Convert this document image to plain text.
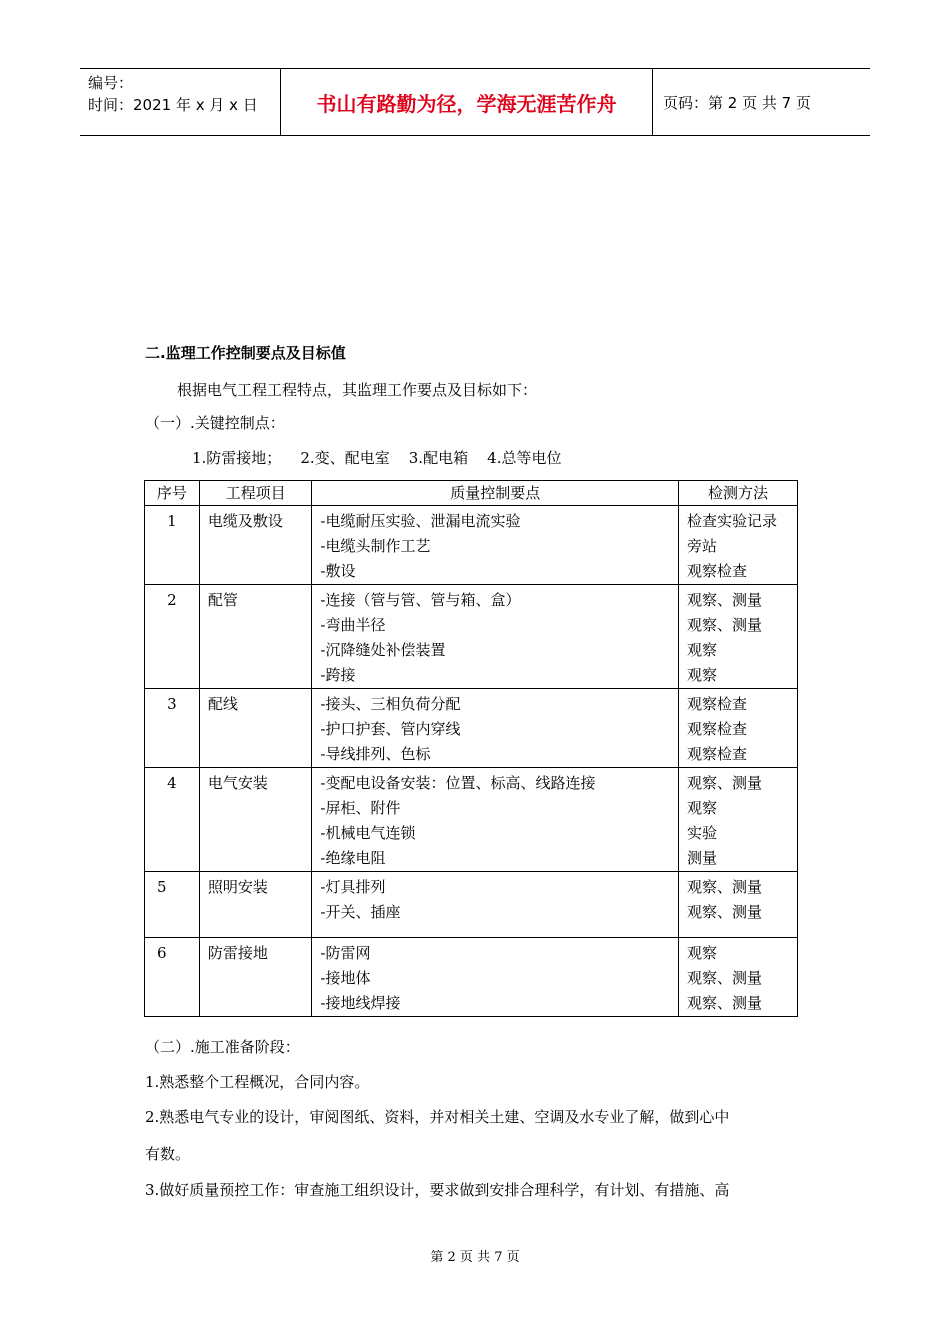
编号：
时间：2021 年 x 月 x 日	书山有路勤为径，学海无涯苦作舟	页码：第 2 页 共 7 页
二.监理工作控制要点及目标值
根据电气工程工程特点，其监理工作要点及目标如下：
（一）.关键控制点：
1.防雷接地；    2.变、配电室    3.配电箱    4.总等电位
序号	工程项目	质量控制要点	检测方法
1	电缆及敷设	-电缆耐压实验、泄漏电流实验
-电缆头制作工艺
-敷设	检查实验记录
旁站
观察检查

2	配管	-连接（管与管、管与箱、盒）
-弯曲半径
-沉降缝处补偿装置
-跨接	观察、测量
观察、测量
观察
观察

3	配线	-接头、三相负荷分配
-护口护套、管内穿线
-导线排列、色标	观察检查
观察检查
观察检查

4	电气安装	-变配电设备安装：位置、标高、线路连接
-屏柜、附件
-机械电气连锁
-绝缘电阻	观察、测量
观察
实验
测量

5	照明安装	-灯具排列
-开关、插座	观察、测量
观察、测量

6	防雷接地	-防雷网
-接地体
-接地线焊接	观察
观察、测量
观察、测量
（二）.施工准备阶段：
1.熟悉整个工程概况，合同内容。
2.熟悉电气专业的设计，审阅图纸、资料，并对相关土建、空调及水专业了解，做到心中
有数。
3.做好质量预控工作：审查施工组织设计，要求做到安排合理科学，有计划、有措施、高
第 2 页 共 7 页
